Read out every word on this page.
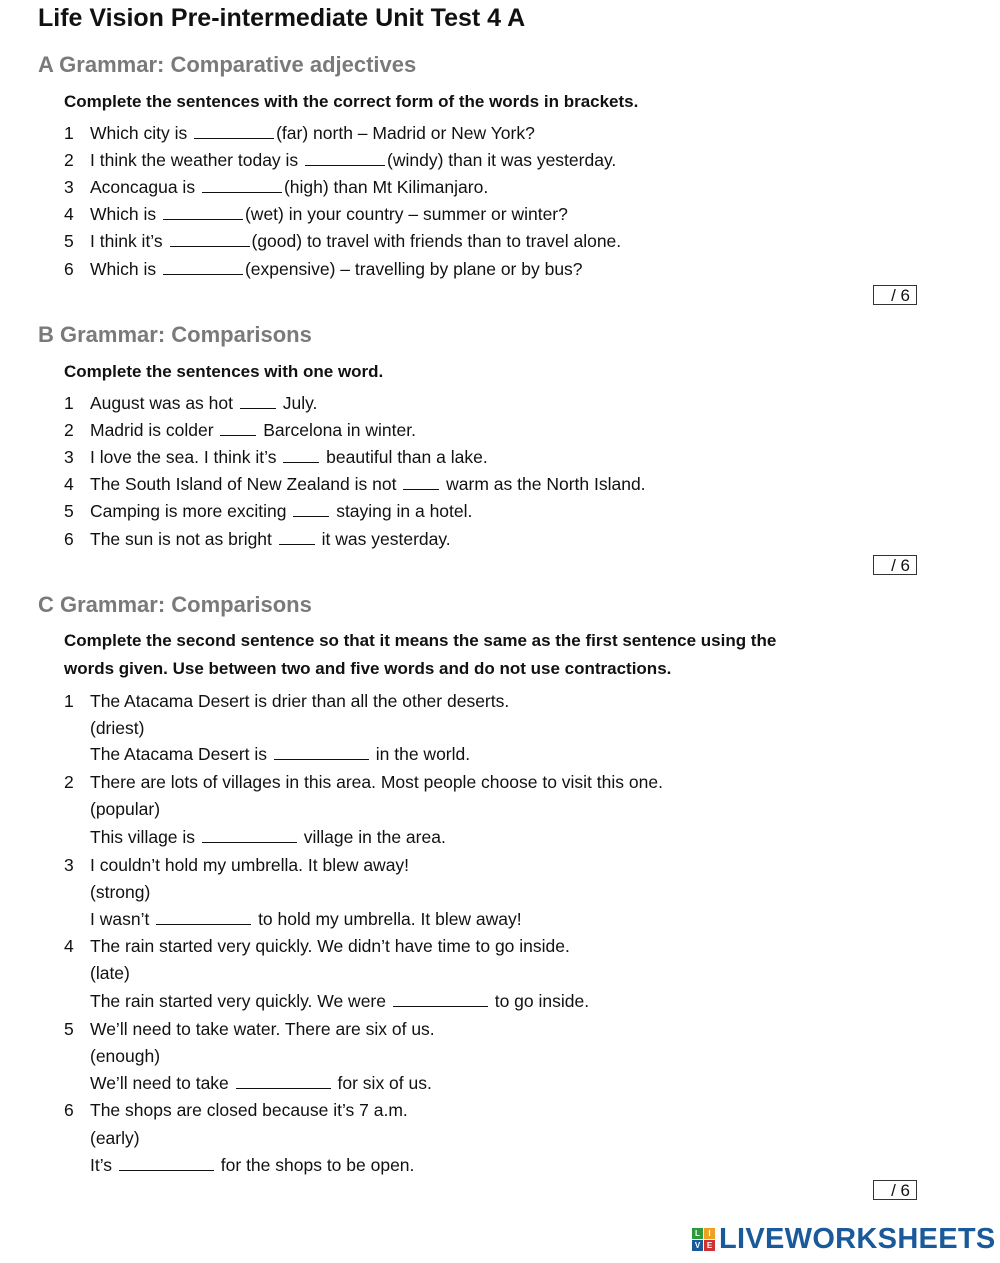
Life Vision Pre-intermediate Unit Test 4 A
A Grammar: Comparative adjectives

Complete the sentences with the correct form of the words in brackets.

1 Which city is	(far) north – Madrid or New York?
2 I think the weather today is	(windy) than it was yesterday.
3 Aconcagua is	(high) than Mt Kilimanjaro.
4 Which is	(wet) in your country – summer or winter?
5 I think it’s	(good) to travel with friends than to travel alone.
6 Which is	(expensive) – travelling by plane or by bus?
/ 6
B Grammar: Comparisons

Complete the sentences with one word.

1 August was as hot  July.
2 Madrid is colder  Barcelona in winter.
3 I love the sea. I think it’s  beautiful than a lake.
4 The South Island of New Zealand is not  warm as the North Island.
5 Camping is more exciting  staying in a hotel.
6 The sun is not as bright  it was yesterday.
/ 6
C Grammar: Comparisons

Complete the second sentence so that it means the same as the first sentence using the

words given. Use between two and five words and do not use contractions.

1 The Atacama Desert is drier than all the other deserts.
(driest)
The Atacama Desert is	in the world.
2 There are lots of villages in this area. Most people choose to visit this one.
(popular)
This village is	village in the area.
3 I couldn’t hold my umbrella. It blew away!
(strong)
I wasn’t	to hold my umbrella. It blew away!
4 The rain started very quickly. We didn’t have time to go inside.
(late)
The rain started very quickly. We were	to go inside.
5 We’ll need to take water. There are six of us.
(enough)
We’ll need to take	for six of us.
6 The shops are closed because it’s 7 a.m.
(early)
It’s	for the shops to be open.
/ 6
L	I
V E LIVEWORKSHEETS
